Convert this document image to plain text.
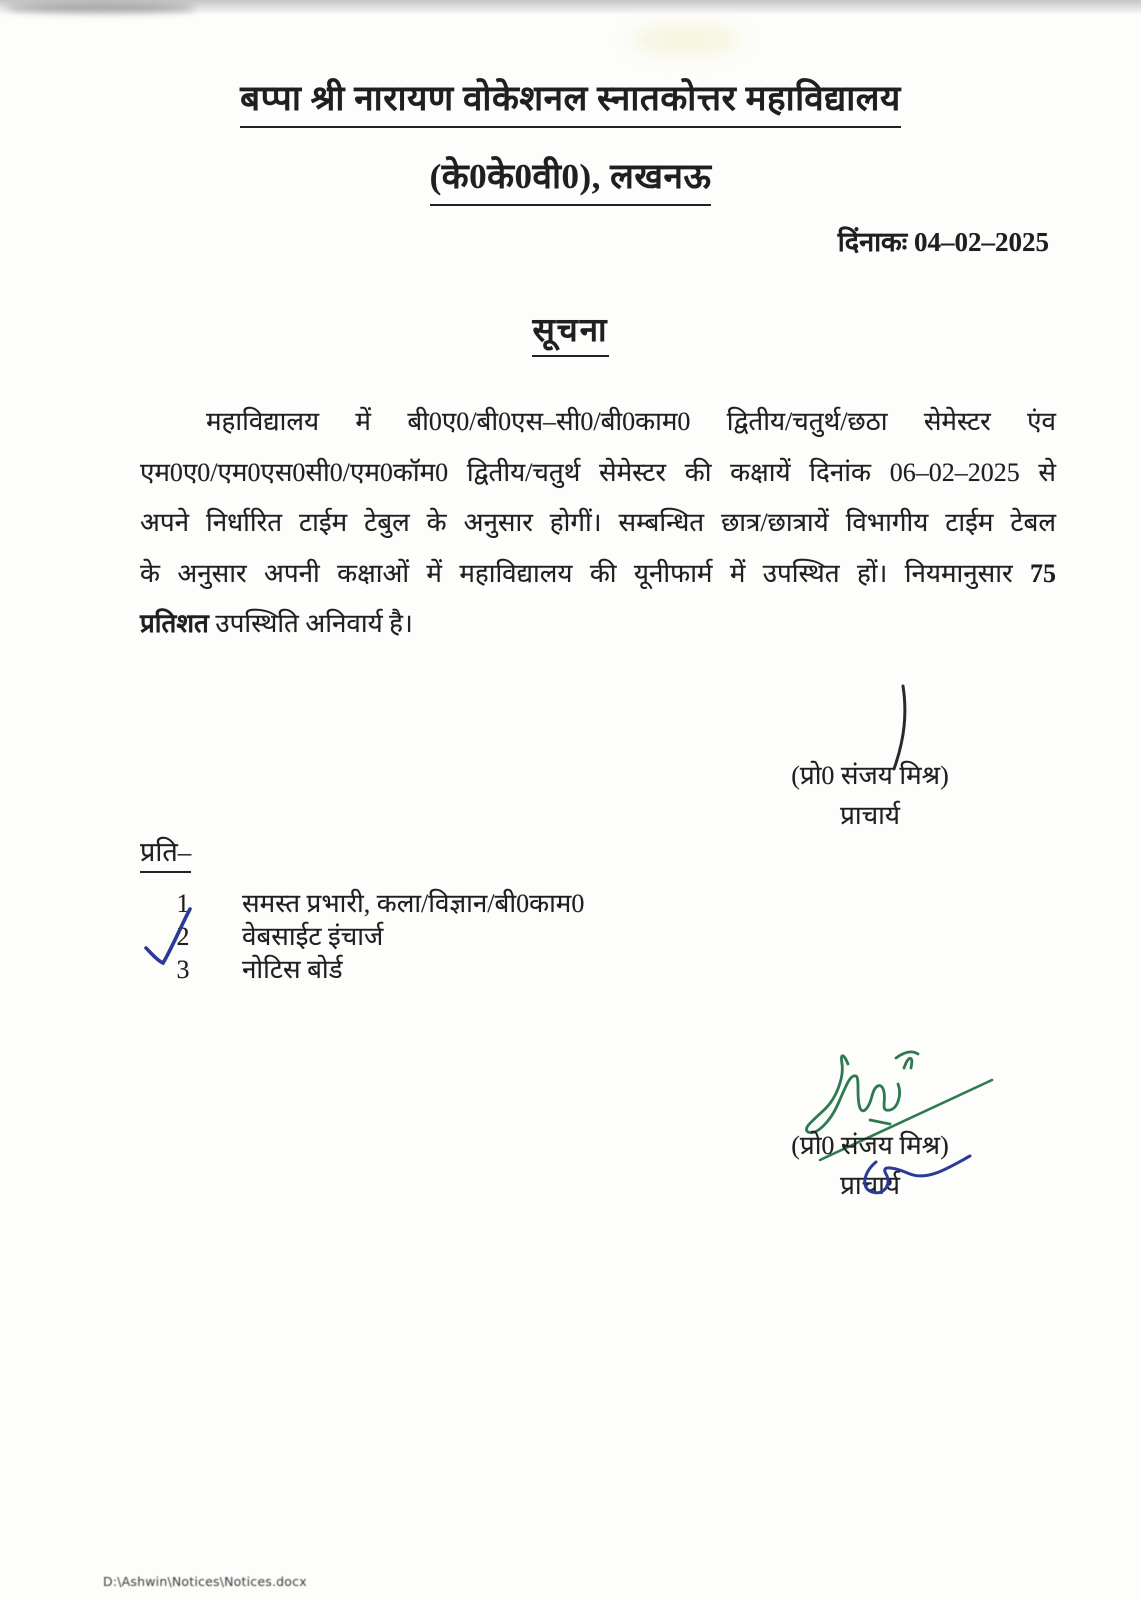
बप्पा श्री नारायण वोकेशनल स्नातकोत्तर महाविद्यालय
(के0के0वी0), लखनऊ
दिंनाकः 04–02–2025
सूचना
महाविद्यालय में बी0ए0/बी0एस–सी0/बी0काम0 द्वितीय/चतुर्थ/छठा सेमेस्टर एंव
एम0ए0/एम0एस0सी0/एम0कॉम0 द्वितीय/चतुर्थ सेमेस्टर की कक्षायें दिनांक 06–02–2025 से
अपने निर्धारित टाईम टेबुल के अनुसार होगीं। सम्बन्धित छात्र/छात्रायें विभागीय टाईम टेबल
के अनुसार अपनी कक्षाओं में महाविद्यालय की यूनीफार्म में उपस्थित हों। नियमानुसार 75
प्रतिशत उपस्थिति अनिवार्य है।
(प्रो0 संजय मिश्र)
प्राचार्य
प्रति–
1	समस्त प्रभारी, कला/विज्ञान/बी0काम0
2	वेबसाईट इंचार्ज
3	नोटिस बोर्ड
(प्रो0 संजय मिश्र)
प्राचार्य
D:\Ashwin\Notices\Notices.docx
